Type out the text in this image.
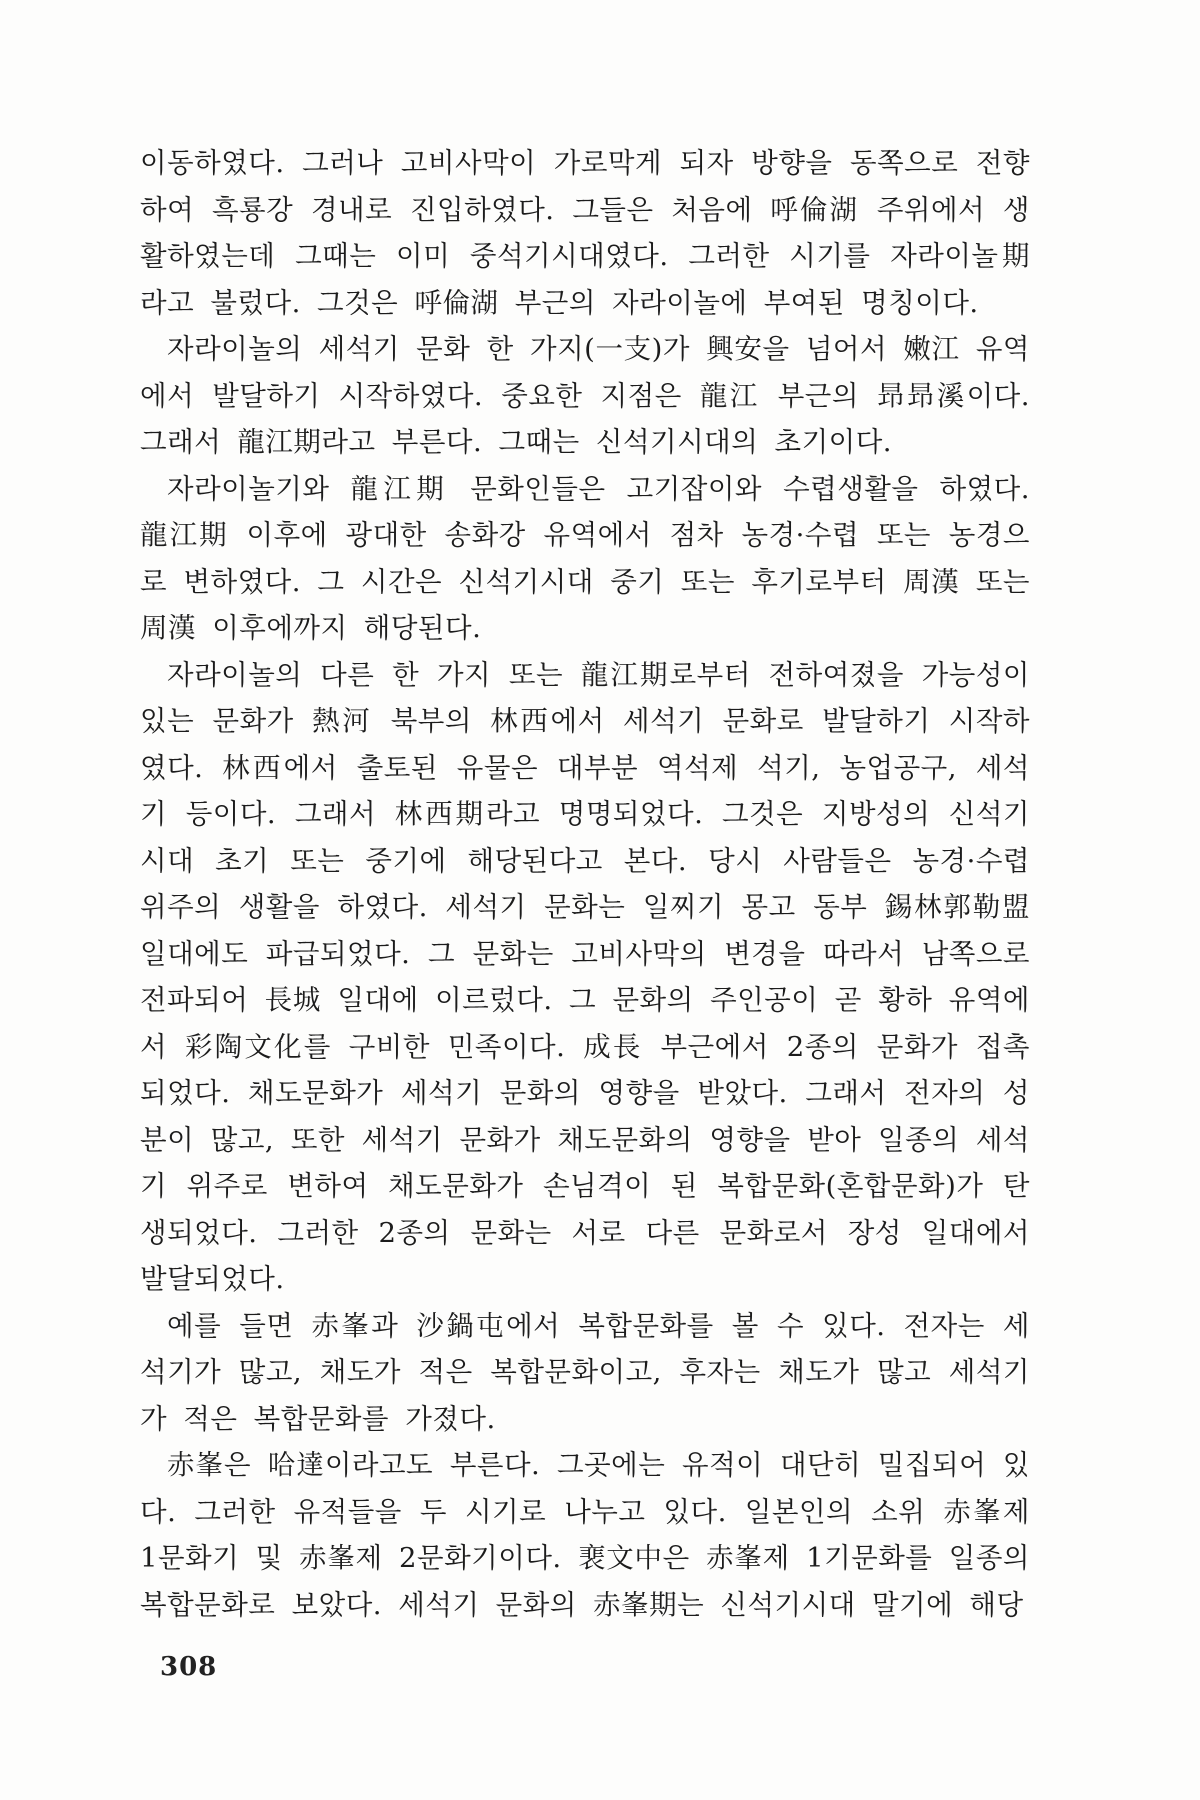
이동하였다. 그러나 고비사막이 가로막게 되자 방향을 동쪽으로 전향하여 흑룡강 경내로 진입하였다. 그들은 처음에 呼倫湖 주위에서 생활하였는데 그때는 이미 중석기시대였다. 그러한 시기를 자라이놀期라고 불렀다. 그것은 呼倫湖 부근의 자라이놀에 부여된 명칭이다.

자라이놀의 세석기 문화 한 가지(一支)가 興安을 넘어서 嫩江 유역에서 발달하기 시작하였다. 중요한 지점은 龍江 부근의 昻昻溪이다. 그래서 龍江期라고 부른다. 그때는 신석기시대의 초기이다.

자라이놀기와 龍江期 문화인들은 고기잡이와 수렵생활을 하였다. 龍江期 이후에 광대한 송화강 유역에서 점차 농경·수렵 또는 농경으로 변하였다. 그 시간은 신석기시대 중기 또는 후기로부터 周漢 또는 周漢 이후에까지 해당된다.

자라이놀의 다른 한 가지 또는 龍江期로부터 전하여졌을 가능성이 있는 문화가 熱河 북부의 林西에서 세석기 문화로 발달하기 시작하였다. 林西에서 출토된 유물은 대부분 역석제 석기, 농업공구, 세석기 등이다. 그래서 林西期라고 명명되었다. 그것은 지방성의 신석기시대 초기 또는 중기에 해당된다고 본다. 당시 사람들은 농경·수렵 위주의 생활을 하였다. 세석기 문화는 일찌기 몽고 동부 錫林郭勒盟 일대에도 파급되었다. 그 문화는 고비사막의 변경을 따라서 남쪽으로 전파되어 長城 일대에 이르렀다. 그 문화의 주인공이 곧 황하 유역에서 彩陶文化를 구비한 민족이다. 成長 부근에서 2종의 문화가 접촉되었다. 채도문화가 세석기 문화의 영향을 받았다. 그래서 전자의 성분이 많고, 또한 세석기 문화가 채도문화의 영향을 받아 일종의 세석기 위주로 변하여 채도문화가 손님격이 된 복합문화(혼합문화)가 탄생되었다. 그러한 2종의 문화는 서로 다른 문화로서 장성 일대에서 발달되었다.

예를 들면 赤峯과 沙鍋屯에서 복합문화를 볼 수 있다. 전자는 세석기가 많고, 채도가 적은 복합문화이고, 후자는 채도가 많고 세석기가 적은 복합문화를 가졌다.

赤峯은 哈達이라고도 부른다. 그곳에는 유적이 대단히 밀집되어 있다. 그러한 유적들을 두 시기로 나누고 있다. 일본인의 소위 赤峯제 1문화기 및 赤峯제 2문화기이다. 裵文中은 赤峯제 1기문화를 일종의 복합문화로 보았다. 세석기 문화의 赤峯期는 신석기시대 말기에 해당

308
